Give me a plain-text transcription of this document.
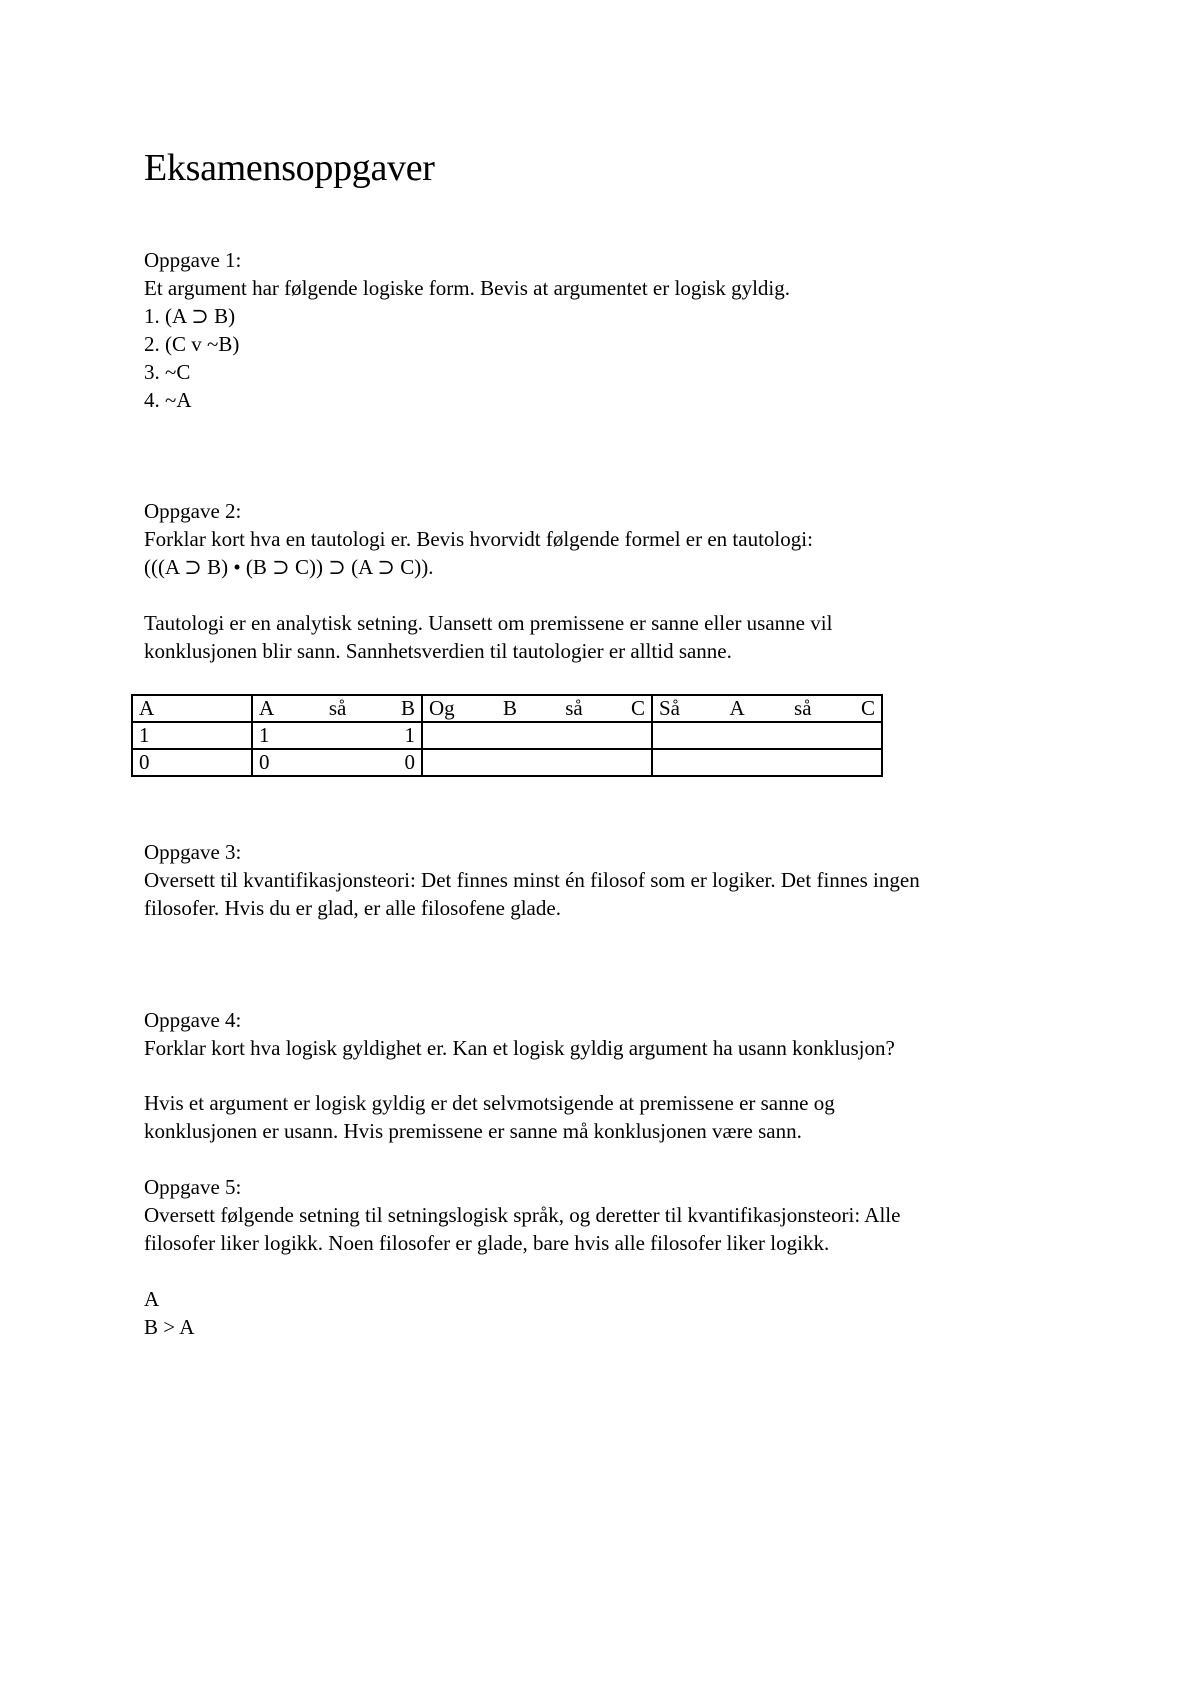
Eksamensoppgaver
Oppgave 1:
Et argument har følgende logiske form. Bevis at argumentet er logisk gyldig.
1. (A ⊃ B)
2. (C v ~B)
3. ~C
4. ~A
Oppgave 2:
Forklar kort hva en tautologi er. Bevis hvorvidt følgende formel er en tautologi:
(((A ⊃ B) • (B ⊃ C)) ⊃ (A ⊃ C)).
Tautologi er en analytisk setning. Uansett om premissene er sanne eller usanne vil
konklusjonen blir sann. Sannhetsverdien til tautologier er alltid sanne.
A	A så B	Og B så C	Så A så C

1	1 1		

0	0 0		

Oppgave 3:
Oversett til kvantifikasjonsteori: Det finnes minst én filosof som er logiker. Det finnes ingen
filosofer. Hvis du er glad, er alle filosofene glade.
Oppgave 4:
Forklar kort hva logisk gyldighet er. Kan et logisk gyldig argument ha usann konklusjon?
Hvis et argument er logisk gyldig er det selvmotsigende at premissene er sanne og
konklusjonen er usann. Hvis premissene er sanne må konklusjonen være sann.
Oppgave 5:
Oversett følgende setning til setningslogisk språk, og deretter til kvantifikasjonsteori: Alle
filosofer liker logikk. Noen filosofer er glade, bare hvis alle filosofer liker logikk.
A
B > A
